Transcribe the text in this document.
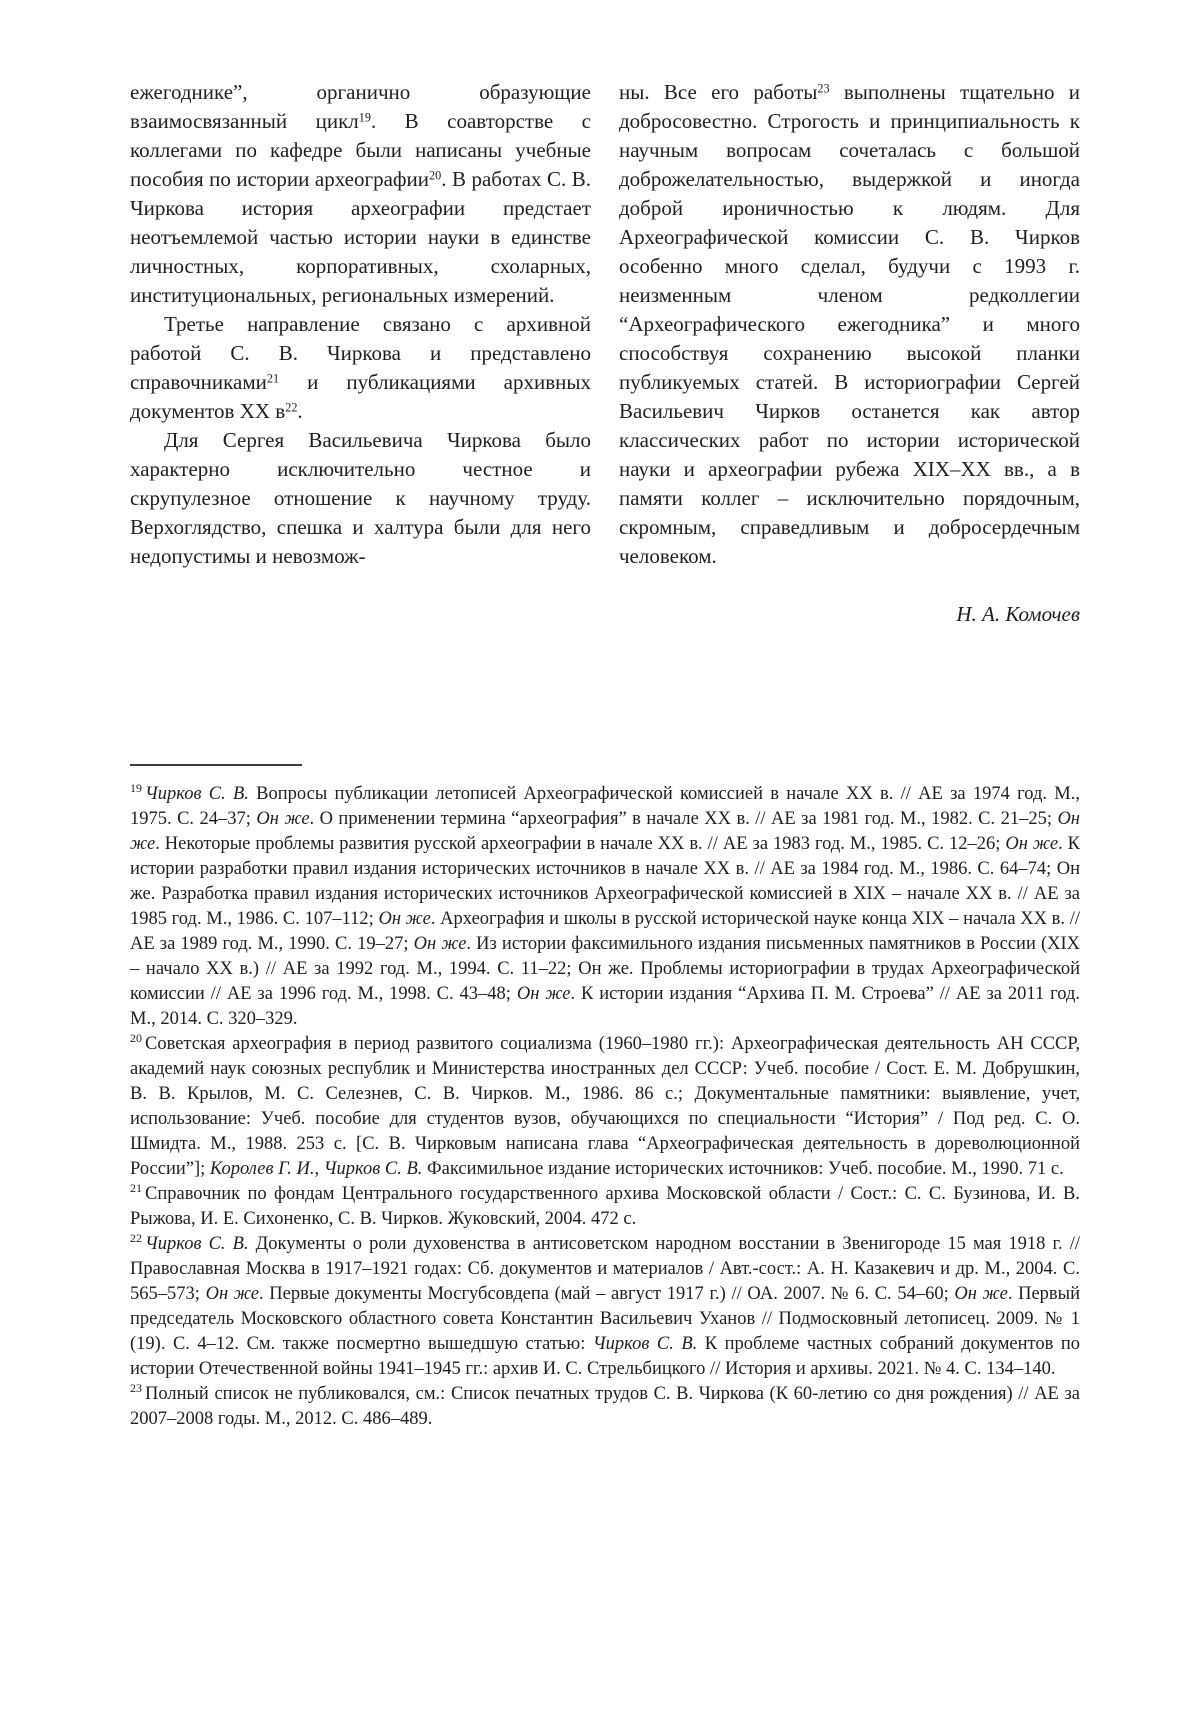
ежегоднике”, органично образующие взаимосвязанный цикл$^{19}$. В соавторстве с коллегами по кафедре были написаны учебные пособия по истории археографии$^{20}$. В работах С. В. Чиркова история археографии предстает неотъемлемой частью истории науки в единстве личностных, корпоративных, схоларных, институциональных, региональных измерений.

Третье направление связано с архивной работой С. В. Чиркова и представлено справочниками$^{21}$ и публикациями архивных документов XX $в^{22}$.

Для Сергея Васильевича Чиркова было характерно исключительно честное и скрупулезное отношение к научному труду. Верхоглядство, спешка и халтура были для него недопустимы и невозмож-

ны. Все его работы$^{23}$ выполнены тщательно и добросовестно. Строгость и принципиальность к научным вопросам сочеталась с большой доброжелательностью, выдержкой и иногда доброй ироничностью к людям. Для Археографической комиссии С. В. Чирков особенно много сделал, будучи с 1993 г. неизменным членом редколлегии “Археографического ежегодника” и много способствуя сохранению высокой планки публикуемых статей. В историографии Сергей Васильевич Чирков останется как автор классических работ по истории исторической науки и археографии рубежа XIX–XX вв., а в памяти коллег – исключительно порядочным, скромным, справедливым и добросердечным человеком.

Н. А. Комочев

$^{19}$ Чирков С. В. Вопросы публикации летописей Археографической комиссией в начале XX в. // АЕ за 1974 год. М., 1975. С. 24–37; Он же. О применении термина “археография” в начале XX в. // АЕ за 1981 год. М., 1982. С. 21–25; Он же. Некоторые проблемы развития русской археографии в начале XX в. // АЕ за 1983 год. М., 1985. С. 12–26; Он же. К истории разработки правил издания исторических источников в начале XX в. // АЕ за 1984 год. М., 1986. С. 64–74; Он же. Разработка правил издания исторических источников Археографической комиссией в XIX – начале XX в. // АЕ за 1985 год. М., 1986. С. 107–112; Он же. Археография и школы в русской исторической науке конца XIX – начала XX в. // АЕ за 1989 год. М., 1990. С. 19–27; Он же. Из истории факсимильного издания письменных памятников в России (XIX – начало XX в.) // АЕ за 1992 год. М., 1994. С. 11–22; Он же. Проблемы историографии в трудах Археографической комиссии // АЕ за 1996 год. М., 1998. С. 43–48; Он же. К истории издания “Архива П. М. Строева” // АЕ за 2011 год. М., 2014. С. 320–329.

$^{20}$ Советская археография в период развитого социализма (1960–1980 гг.): Археографическая деятельность АН СССР, академий наук союзных республик и Министерства иностранных дел СССР: Учеб. пособие / Сост. Е. М. Добрушкин, В. В. Крылов, М. С. Селезнев, С. В. Чирков. М., 1986. 86 с.; Документальные памятники: выявление, учет, использование: Учеб. пособие для студентов вузов, обучающихся по специальности “История” / Под ред. С. О. Шмидта. М., 1988. 253 с. [С. В. Чирковым написана глава “Археографическая деятельность в дореволюционной России”]; Королев Г. И., Чирков С. В. Факсимильное издание исторических источников: Учеб. пособие. М., 1990. 71 с.

$^{21}$ Справочник по фондам Центрального государственного архива Московской области / Сост.: С. С. Бузинова, И. В. Рыжова, И. Е. Сихоненко, С. В. Чирков. Жуковский, 2004. 472 с.

$^{22}$ Чирков С. В. Документы о роли духовенства в антисоветском народном восстании в Звенигороде 15 мая 1918 г. // Православная Москва в 1917–1921 годах: Сб. документов и материалов / Авт.-сост.: А. Н. Казакевич и др. М., 2004. С. 565–573; Он же. Первые документы Мосгубсовдепа (май – август 1917 г.) // ОА. 2007. № 6. С. 54–60; Он же. Первый председатель Московского областного совета Константин Васильевич Уханов // Подмосковный летописец. 2009. № 1 (19). С. 4–12. См. также посмертно вышедшую статью: Чирков С. В. К проблеме частных собраний документов по истории Отечественной войны 1941–1945 гг.: архив И. С. Стрельбицкого // История и архивы. 2021. № 4. С. 134–140.

$^{23}$ Полный список не публиковался, см.: Список печатных трудов С. В. Чиркова (К 60-летию со дня рождения) // АЕ за 2007–2008 годы. М., 2012. С. 486–489.
